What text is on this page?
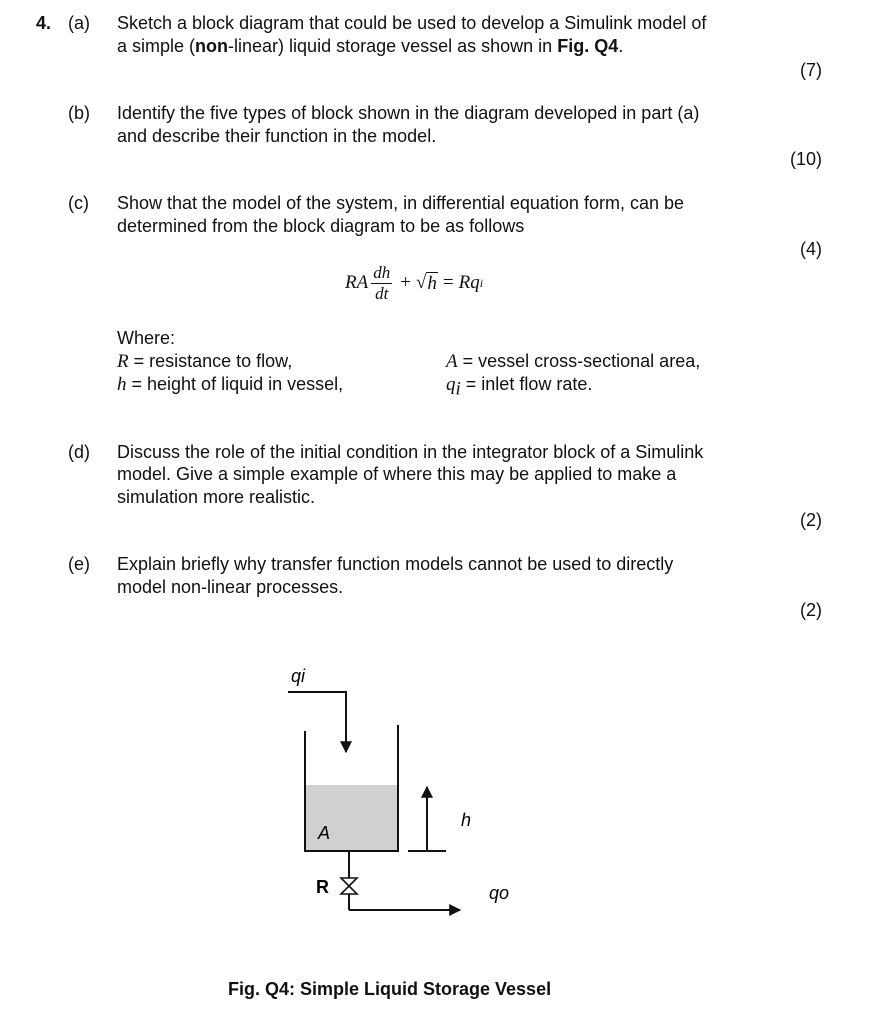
4. (a) Sketch a block diagram that could be used to develop a Simulink model of
a simple (non-linear) liquid storage vessel as shown in Fig. Q4.
(7)
(b) Identify the five types of block shown in the diagram developed in part (a)
and describe their function in the model.
(10)
(c) Show that the model of the system, in differential equation form, can be
determined from the block diagram to be as follows
(4)
RA $\frac{dh}{dt}$ + √ h = Rq i
Where:
R = resistance to flow,
h = height of liquid in vessel,
A = vessel cross-sectional area,
$q_i$ = inlet flow rate.
(d) Discuss the role of the initial condition in the integrator block of a Simulink
model. Give a simple example of where this may be applied to make a
simulation more realistic.
(2)
(e) Explain briefly why transfer function models cannot be used to directly
model non-linear processes.
(2)
qi
A
h
R	qo
Fig. Q4: Simple Liquid Storage Vessel
